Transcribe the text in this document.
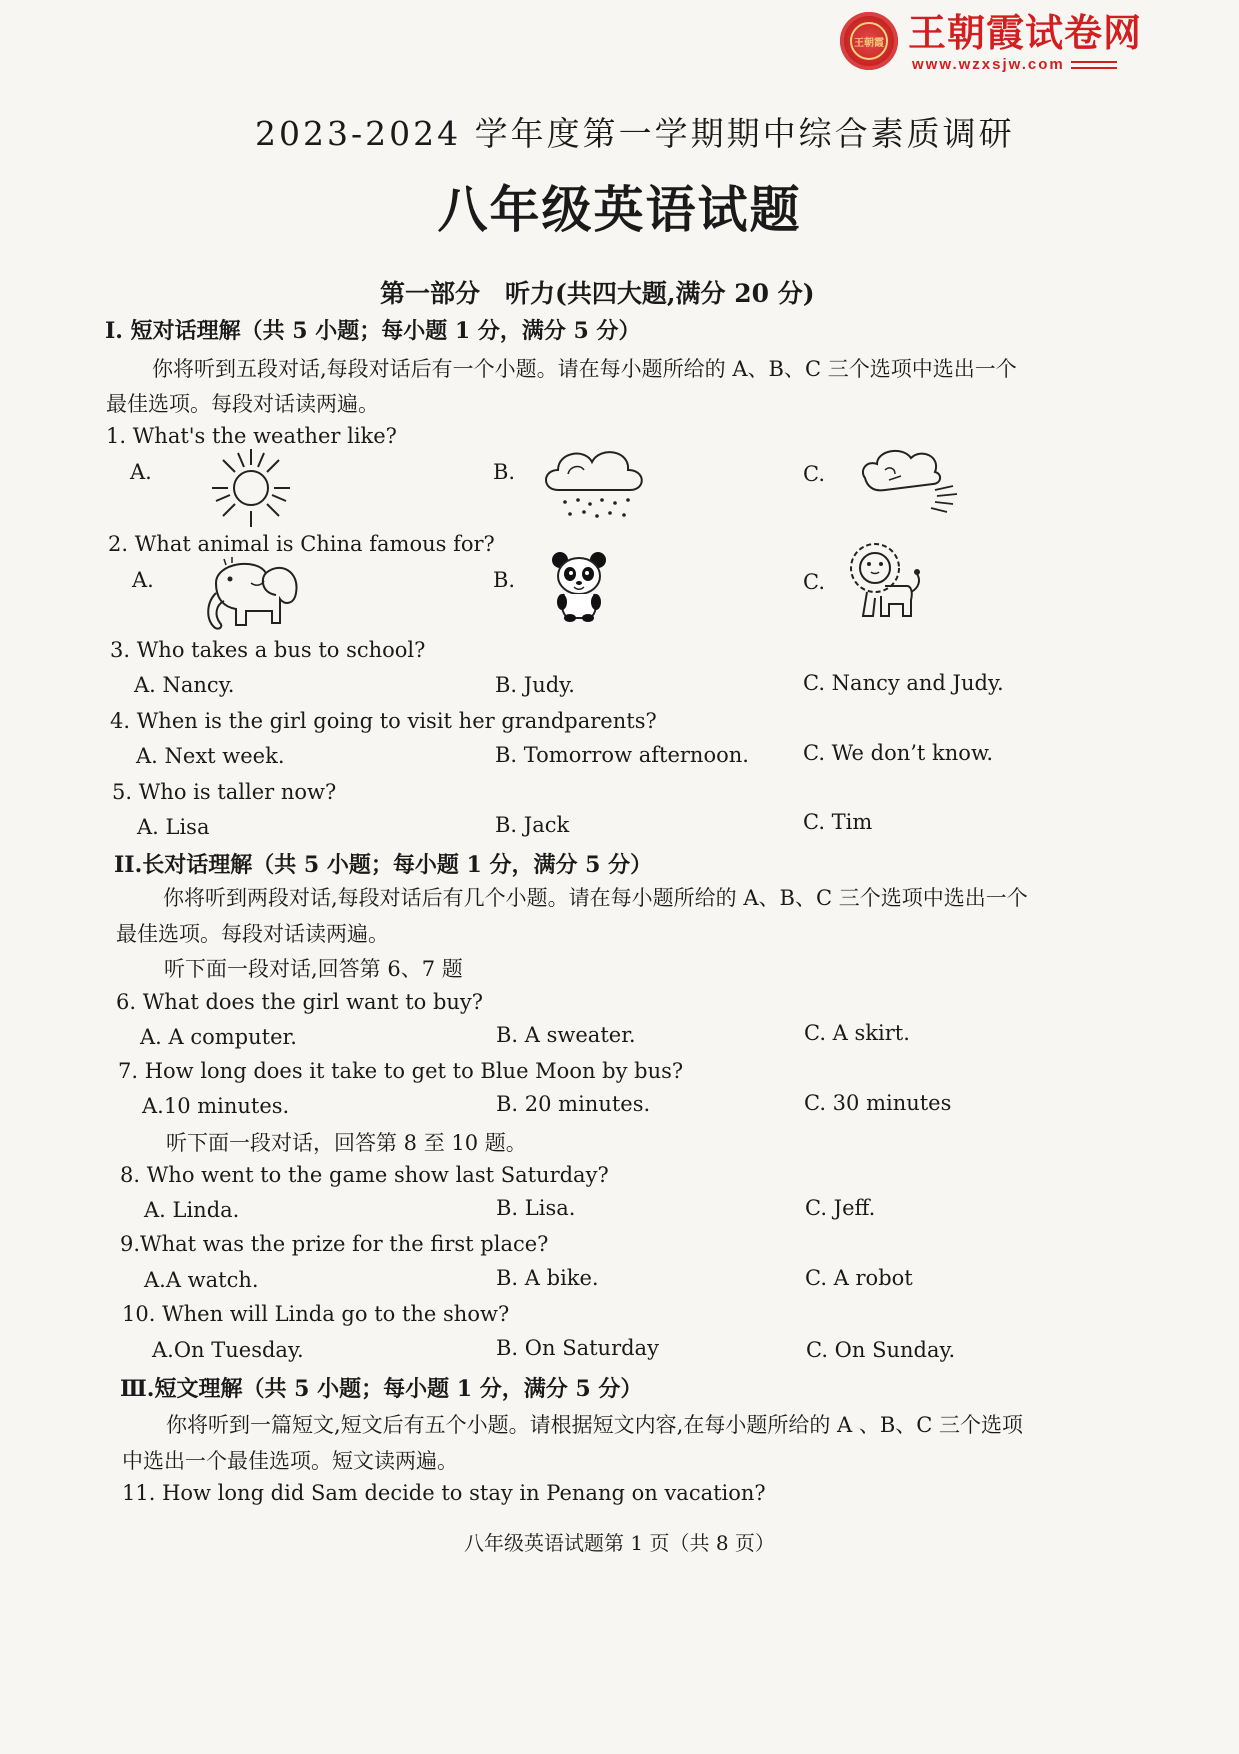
王朝霞 王朝霞试卷网
www.wzxsjw.com
2023-2024 学年度第一学期期中综合素质调研
八年级英语试题
第一部分　听力(共四大题,满分 20 分)
I. 短对话理解（共 5 小题；每小题 1 分，满分 5 分）
你将听到五段对话,每段对话后有一个小题。请在每小题所给的 A、B、C 三个选项中选出一个
最佳选项。每段对话读两遍。
1. What's the weather like?
A.	B.	C.
2. What animal is China famous for?
A.	B.	C.
3. Who takes a bus to school?
A. Nancy.	B. Judy.	C. Nancy and Judy.
4. When is the girl going to visit her grandparents?
A. Next week.	B. Tomorrow afternoon.	C. We don’t know.
5. Who is taller now?
A. Lisa	B. Jack	C. Tim
II.长对话理解（共 5 小题；每小题 1 分，满分 5 分）
你将听到两段对话,每段对话后有几个小题。请在每小题所给的 A、B、C 三个选项中选出一个
最佳选项。每段对话读两遍。
听下面一段对话,回答第 6、7 题
6. What does the girl want to buy?
A. A computer.	B. A sweater.	C. A skirt.
7. How long does it take to get to Blue Moon by bus?
A.10 minutes.	B. 20 minutes.	C. 30 minutes
听下面一段对话，回答第 8 至 10 题。
8. Who went to the game show last Saturday?
A. Linda.	B. Lisa.	C. Jeff.
9.What was the prize for the first place?
A.A watch.	B. A bike.	C. A robot
10. When will Linda go to the show?
A.On Tuesday.	B. On Saturday	C. On Sunday.
Ⅲ.短文理解（共 5 小题；每小题 1 分，满分 5 分）
你将听到一篇短文,短文后有五个小题。请根据短文内容,在每小题所给的 A 、B、C 三个选项
中选出一个最佳选项。短文读两遍。
11. How long did Sam decide to stay in Penang on vacation?
八年级英语试题第 1 页（共 8 页）
